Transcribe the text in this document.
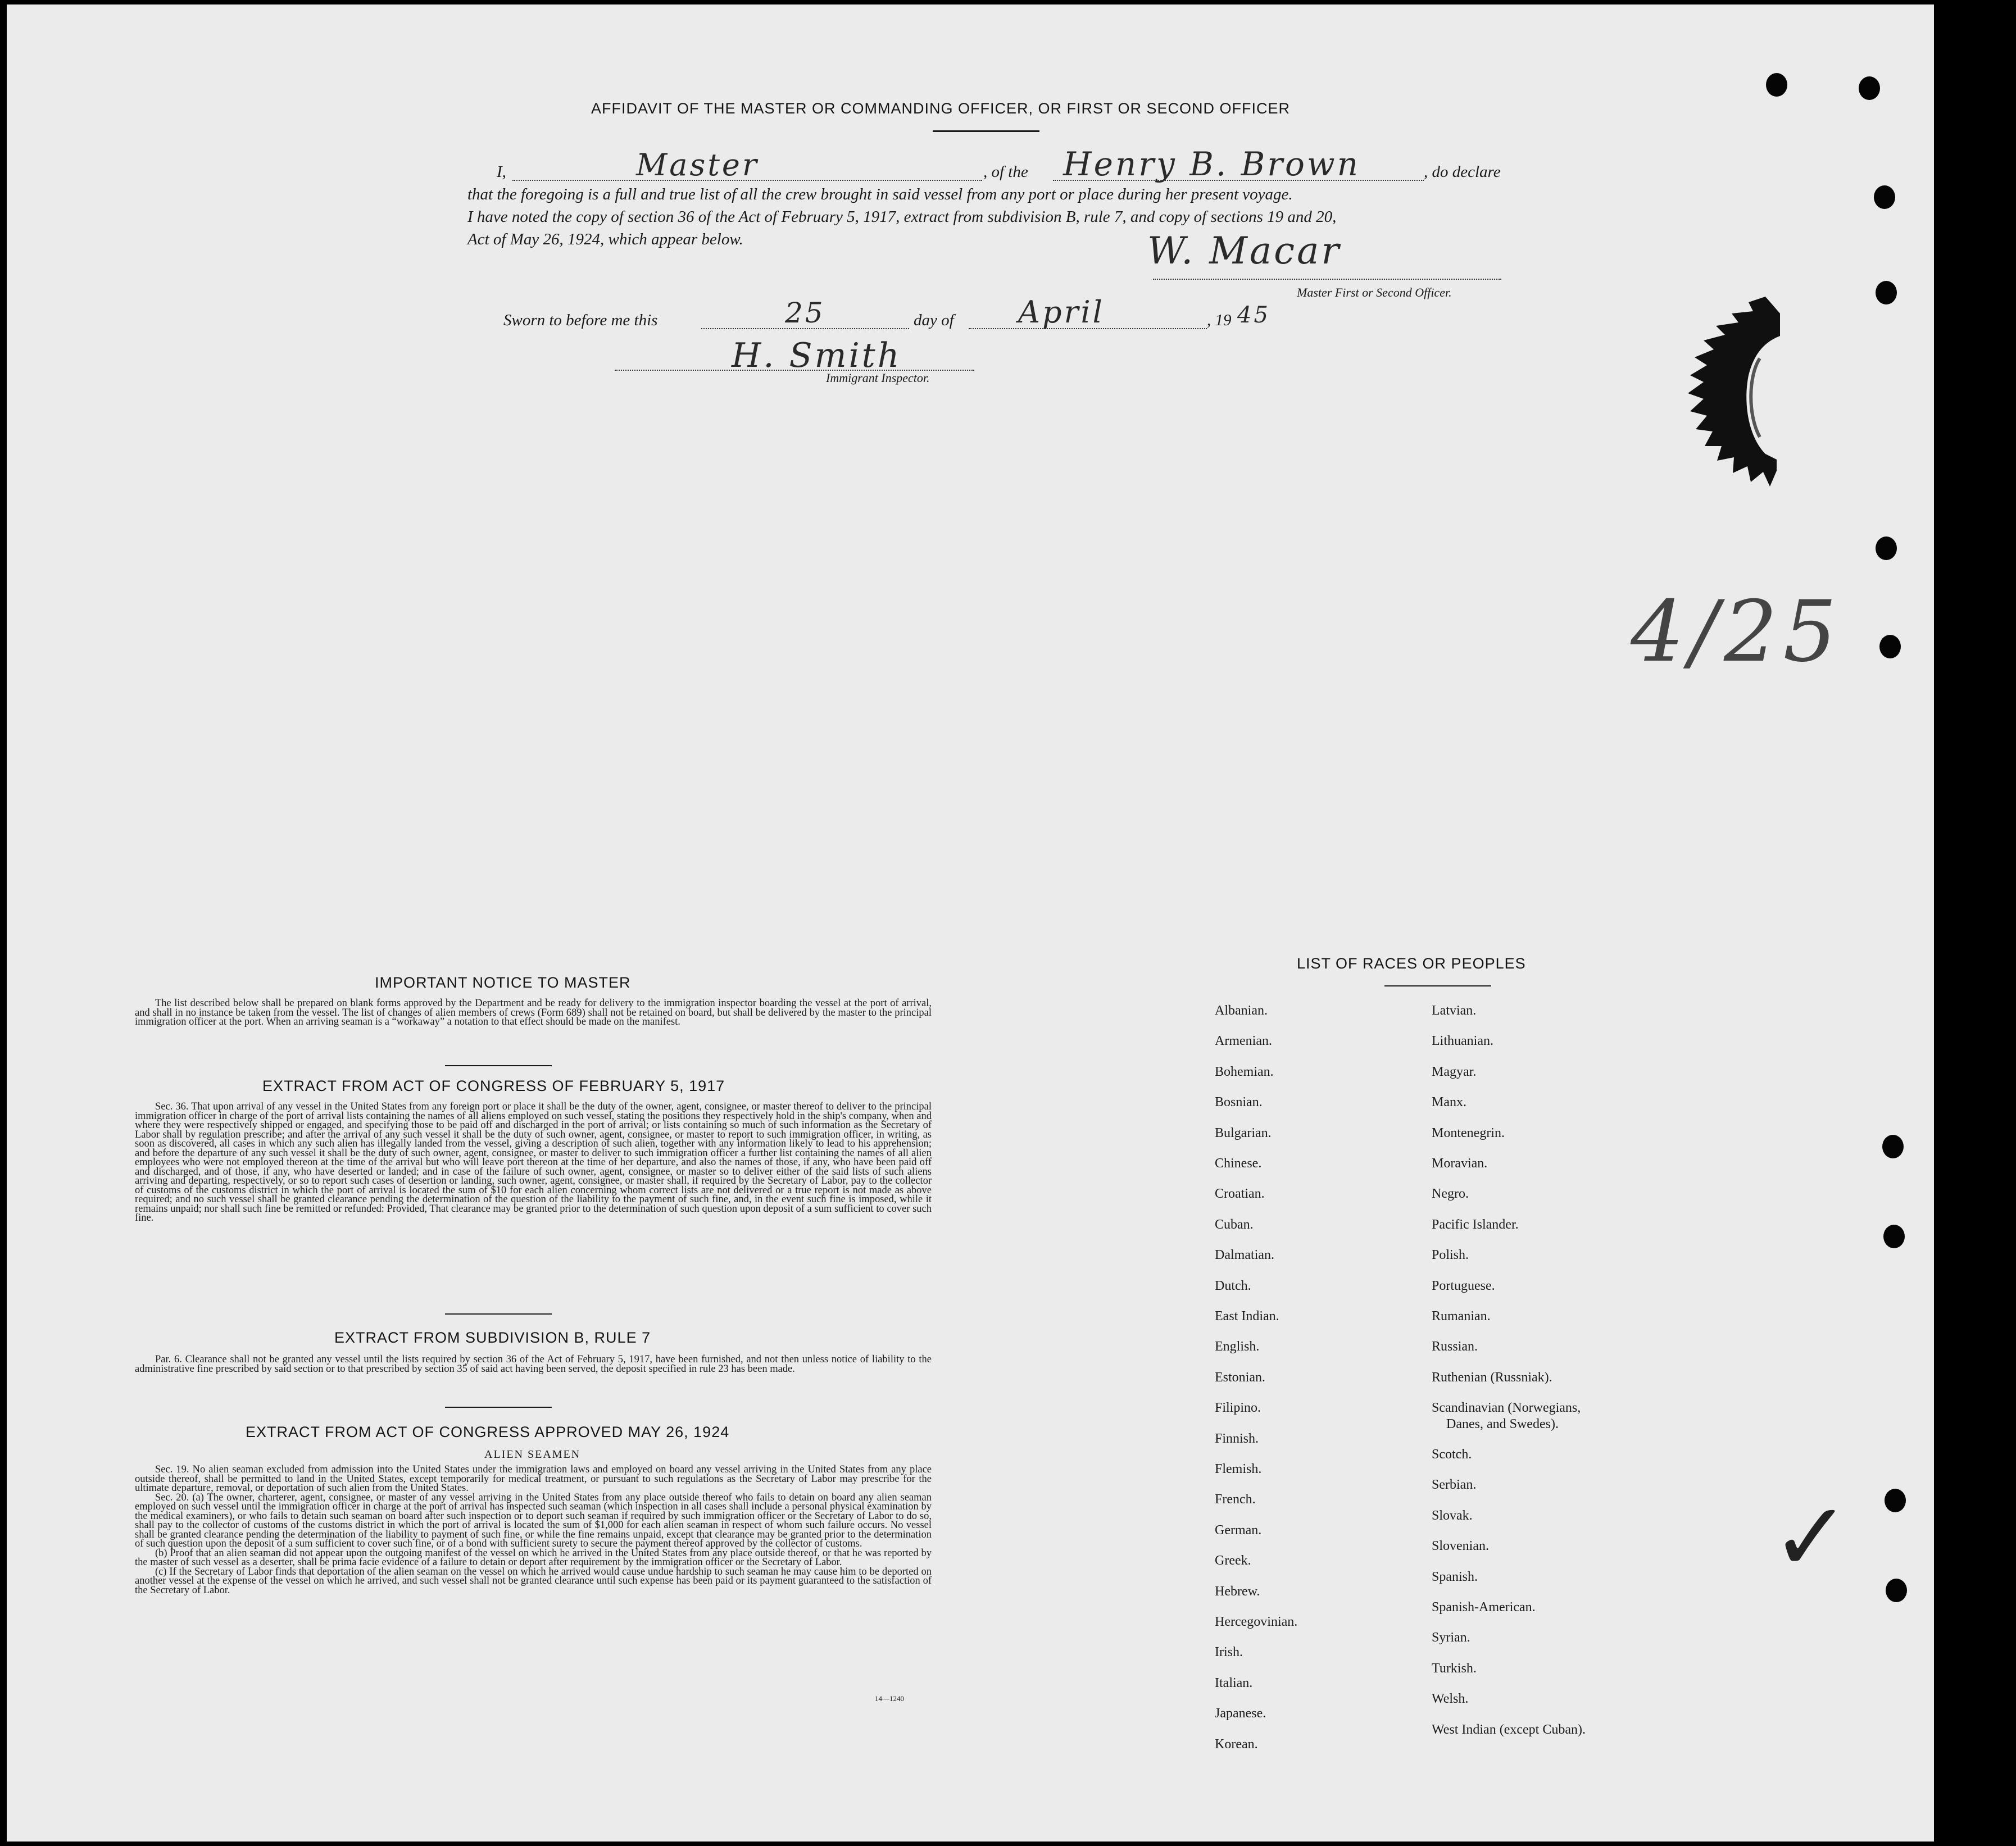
AFFIDAVIT OF THE MASTER OR COMMANDING OFFICER, OR FIRST OR SECOND OFFICER
I,	Master	, of the Henry B. Brown	, do declare
that the foregoing is a full and true list of all the crew brought in said vessel from any port or place during her present voyage.
I have noted the copy of section 36 of the Act of February 5, 1917, extract from subdivision B, rule 7, and copy of sections 19 and 20,
Act of May 26, 1924, which appear below.	W. Macar
Master First or Second Officer.
Sworn to before me this	25	day of April	, 19 45
H. Smith
Immigrant Inspector.
4/25
✓
IMPORTANT NOTICE TO MASTER

The list described below shall be prepared on blank forms approved by the Department and be ready for delivery to the immigration inspector boarding the vessel at the port of arrival, and shall in no instance be taken from the vessel. The list of changes of alien members of crews (Form 689) shall not be retained on board, but shall be delivered by the master to the principal immigration officer at the port. When an arriving seaman is a “workaway” a notation to that effect should be made on the manifest.

EXTRACT FROM ACT OF CONGRESS OF FEBRUARY 5, 1917

Sec. 36. That upon arrival of any vessel in the United States from any foreign port or place it shall be the duty of the owner, agent, consignee, or master thereof to deliver to the principal immigration officer in charge of the port of arrival lists containing the names of all aliens employed on such vessel, stating the positions they respectively hold in the ship's company, when and where they were respectively shipped or engaged, and specifying those to be paid off and discharged in the port of arrival; or lists containing so much of such information as the Secretary of Labor shall by regulation prescribe; and after the arrival of any such vessel it shall be the duty of such owner, agent, consignee, or master to report to such immigration officer, in writing, as soon as discovered, all cases in which any such alien has illegally landed from the vessel, giving a description of such alien, together with any information likely to lead to his apprehension; and before the departure of any such vessel it shall be the duty of such owner, agent, consignee, or master to deliver to such immigration officer a further list containing the names of all alien employees who were not employed thereon at the time of the arrival but who will leave port thereon at the time of her departure, and also the names of those, if any, who have been paid off and discharged, and of those, if any, who have deserted or landed; and in case of the failure of such owner, agent, consignee, or master so to deliver either of the said lists of such aliens arriving and departing, respectively, or so to report such cases of desertion or landing, such owner, agent, consignee, or master shall, if required by the Secretary of Labor, pay to the collector of customs of the customs district in which the port of arrival is located the sum of $10 for each alien concerning whom correct lists are not delivered or a true report is not made as above required; and no such vessel shall be granted clearance pending the determination of the question of the liability to the payment of such fine, and, in the event such fine is imposed, while it remains unpaid; nor shall such fine be remitted or refunded: Provided, That clearance may be granted prior to the determination of such question upon deposit of a sum sufficient to cover such fine.

EXTRACT FROM SUBDIVISION B, RULE 7

Par. 6. Clearance shall not be granted any vessel until the lists required by section 36 of the Act of February 5, 1917, have been furnished, and not then unless notice of liability to the administrative fine prescribed by said section or to that prescribed by section 35 of said act having been served, the deposit specified in rule 23 has been made.

EXTRACT FROM ACT OF CONGRESS APPROVED MAY 26, 1924
ALIEN SEAMEN

Sec. 19. No alien seaman excluded from admission into the United States under the immigration laws and employed on board any vessel arriving in the United States from any place outside thereof, shall be permitted to land in the United States, except temporarily for medical treatment, or pursuant to such regulations as the Secretary of Labor may prescribe for the ultimate departure, removal, or deportation of such alien from the United States.

Sec. 20. (a) The owner, charterer, agent, consignee, or master of any vessel arriving in the United States from any place outside thereof who fails to detain on board any alien seaman employed on such vessel until the immigration officer in charge at the port of arrival has inspected such seaman (which inspection in all cases shall include a personal physical examination by the medical examiners), or who fails to detain such seaman on board after such inspection or to deport such seaman if required by such immigration officer or the Secretary of Labor to do so, shall pay to the collector of customs of the customs district in which the port of arrival is located the sum of $1,000 for each alien seaman in respect of whom such failure occurs. No vessel shall be granted clearance pending the determination of the liability to payment of such fine, or while the fine remains unpaid, except that clearance may be granted prior to the determination of such question upon the deposit of a sum sufficient to cover such fine, or of a bond with sufficient surety to secure the payment thereof approved by the collector of customs.

(b) Proof that an alien seaman did not appear upon the outgoing manifest of the vessel on which he arrived in the United States from any place outside thereof, or that he was reported by the master of such vessel as a deserter, shall be prima facie evidence of a failure to detain or deport after requirement by the immigration officer or the Secretary of Labor.

(c) If the Secretary of Labor finds that deportation of the alien seaman on the vessel on which he arrived would cause undue hardship to such seaman he may cause him to be deported on another vessel at the expense of the vessel on which he arrived, and such vessel shall not be granted clearance until such expense has been paid or its payment guaranteed to the satisfaction of the Secretary of Labor.

14—1240
LIST OF RACES OR PEOPLES
Albanian.
Armenian.
Bohemian.
Bosnian.
Bulgarian.
Chinese.
Croatian.
Cuban.
Dalmatian.
Dutch.
East Indian.
English.
Estonian.
Filipino.
Finnish.
Flemish.
French.
German.
Greek.
Hebrew.
Hercegovinian.
Irish.
Italian.
Japanese.
Korean.
Latvian.
Lithuanian.
Magyar.
Manx.
Montenegrin.
Moravian.
Negro.
Pacific Islander.
Polish.
Portuguese.
Rumanian.
Russian.
Ruthenian (Russniak).
Scandinavian (Norwegians,
Danes, and Swedes).
Scotch.
Serbian.
Slovak.
Slovenian.
Spanish.
Spanish-American.
Syrian.
Turkish.
Welsh.
West Indian (except Cuban).
